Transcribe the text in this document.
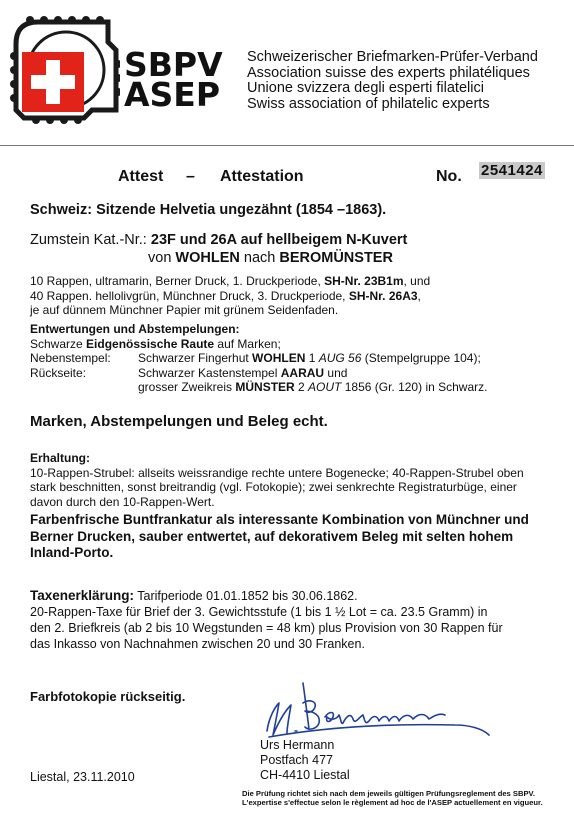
SBPV
ASEP
Schweizerischer Briefmarken-Prüfer-Verband
Association suisse des experts philatéliques
Unione svizzera degli esperti filatelici
Swiss association of philatelic experts
Attest – Attestation	No. 2541424
Schweiz: Sitzende Helvetia ungezähnt (1854 –1863).
Zumstein Kat.-Nr.: 23F und 26A auf hellbeigem N-Kuvert
von WOHLEN nach BEROMÜNSTER
10 Rappen, ultramarin, Berner Druck, 1. Druckperiode, SH-Nr. 23B1m, und
40 Rappen. hellolivgrün, Münchner Druck, 3. Druckperiode, SH-Nr. 26A3,
je auf dünnem Münchner Papier mit grünem Seidenfaden.
Entwertungen und Abstempelungen:
Schwarze Eidgenössische Raute auf Marken;
Nebenstempel: Schwarzer Fingerhut WOHLEN 1 AUG 56 (Stempelgruppe 104);
Rückseite:	Schwarzer Kastenstempel AARAU und
grosser Zweikreis MÜNSTER 2 AOUT 1856 (Gr. 120) in Schwarz.
Marken, Abstempelungen und Beleg echt.
Erhaltung:
10-Rappen-Strubel: allseits weissrandige rechte untere Bogenecke; 40-Rappen-Strubel oben
stark beschnitten, sonst breitrandig (vgl. Fotokopie); zwei senkrechte Registraturbüge, einer
davon durch den 10-Rappen-Wert.
Farbenfrische Buntfrankatur als interessante Kombination von Münchner und
Berner Drucken, sauber entwertet, auf dekorativem Beleg mit selten hohem
Inland-Porto.
Taxenerklärung: Tarifperiode 01.01.1852 bis 30.06.1862.
20-Rappen-Taxe für Brief der 3. Gewichtsstufe (1 bis 1 ½ Lot = ca. 23.5 Gramm) in
den 2. Briefkreis (ab 2 bis 10 Wegstunden = 48 km) plus Provision von 30 Rappen für
das Inkasso von Nachnahmen zwischen 20 und 30 Franken.
Farbfotokopie rückseitig.
Urs Hermann
Postfach 477
CH-4410 Liestal
Liestal, 23.11.2010
Die Prüfung richtet sich nach dem jeweils gültigen Prüfungsreglement des SBPV.
L'expertise s'effectue selon le règlement ad hoc de l'ASEP actuellement en vigueur.
